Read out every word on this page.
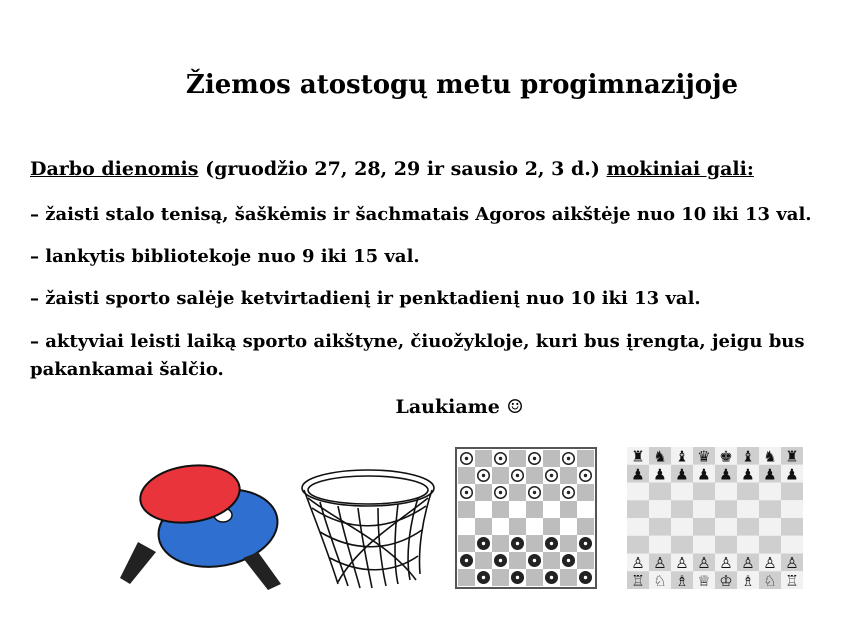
Žiemos atostogų metu progimnazijoje
Darbo dienomis (gruodžio 27, 28, 29 ir sausio 2, 3 d.) mokiniai gali:
– žaisti stalo tenisą, šaškėmis ir šachmatais Agoros aikštėje nuo 10 iki 13 val.
– lankytis bibliotekoje nuo 9 iki 15 val.
– žaisti sporto salėje ketvirtadienį ir penktadienį nuo 10 iki 13 val.
– aktyviai leisti laiką sporto aikštyne, čiuožykloje, kuri bus įrengta, jeigu bus pakankamai šalčio.
Laukiame ☺
♜ ♞ ♝ ♛ ♚ ♝ ♞ ♜
♟ ♟ ♟ ♟ ♟ ♟ ♟ ♟
♙ ♙ ♙ ♙ ♙ ♙ ♙ ♙
♖ ♘ ♗ ♕ ♔ ♗ ♘ ♖
